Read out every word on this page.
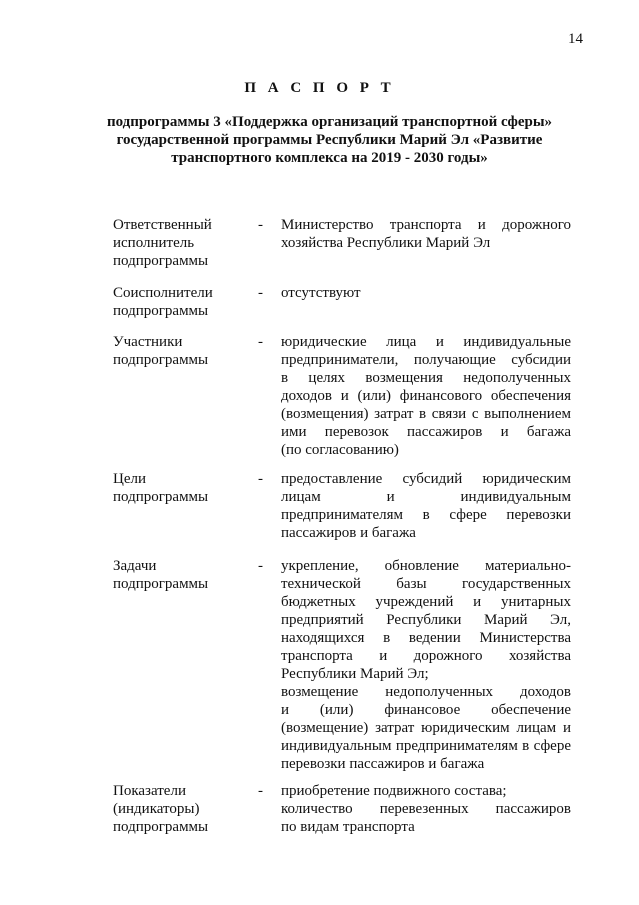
14
П А С П О Р Т
подпрограммы 3 «Поддержка организаций транспортной сферы»
государственной программы Республики Марий Эл «Развитие
транспортного комплекса на 2019 - 2030 годы»
Ответственный
исполнитель
подпрограммы
- Министерство транспорта и дорожного
хозяйства Республики Марий Эл
Соисполнители
подпрограммы
- отсутствуют
Участники
подпрограммы
- юридические лица и индивидуальные
предприниматели, получающие субсидии
в целях возмещения недополученных
доходов и (или) финансового обеспечения
(возмещения) затрат в связи с выполнением
ими перевозок пассажиров и багажа
(по согласованию)
Цели
подпрограммы
- предоставление субсидий юридическим
лицам и индивидуальным
предпринимателям в сфере перевозки
пассажиров и багажа
Задачи
подпрограммы
- укрепление, обновление материально-
технической базы государственных
бюджетных учреждений и унитарных
предприятий Республики Марий Эл,
находящихся в ведении Министерства
транспорта и дорожного хозяйства
Республики Марий Эл;
возмещение недополученных доходов
и (или) финансовое обеспечение
(возмещение) затрат юридическим лицам и
индивидуальным предпринимателям в сфере
перевозки пассажиров и багажа
Показатели
(индикаторы)
подпрограммы
- приобретение подвижного состава;
количество перевезенных пассажиров
по видам транспорта
